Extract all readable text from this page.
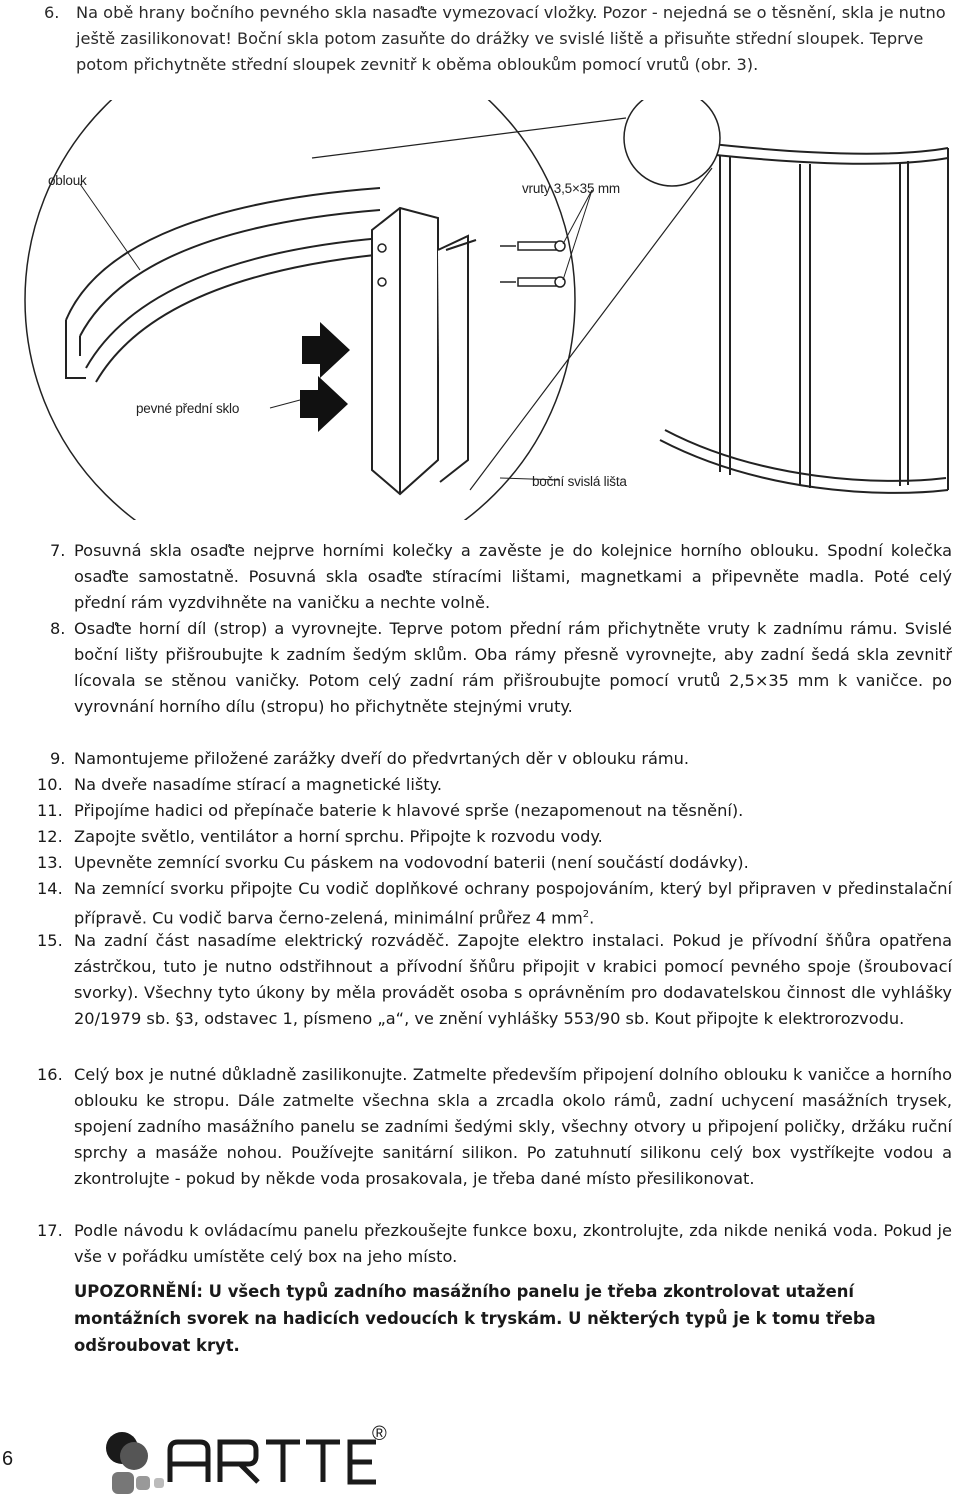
6. Na obě hrany bočního pevného skla nasaďte vymezovací vložky. Pozor - nejedná se o těsnění, skla je nutno ještě zasilikonovat! Boční skla potom zasuňte do drážky ve svislé liště a přisuňte střední sloupek. Teprve potom přichytněte střední sloupek zevnitř k oběma obloukům pomocí vrutů (obr. 3).
oblouk
vruty 3,5×35 mm
pevné přední sklo
boční svislá lišta
7. Posuvná skla osaďte nejprve horními kolečky a zavěste je do kolejnice horního oblouku. Spodní kolečka osaďte samostatně. Posuvná skla osaďte stíracími lištami, magnetkami a připevněte madla. Poté celý přední rám vyzdvihněte na vaničku a nechte volně.
8. Osaďte horní díl (strop) a vyrovnejte. Teprve potom přední rám přichytněte vruty k zadnímu rámu. Svislé boční lišty přišroubujte k zadním šedým sklům. Oba rámy přesně vyrovnejte, aby zadní šedá skla zevnitř lícovala se stěnou vaničky. Potom celý zadní rám přišroubujte pomocí vrutů 2,5×35 mm k vaničce. po vyrovnání horního dílu (stropu) ho přichytněte stejnými vruty.
9. Namontujeme přiložené zarážky dveří do předvrtaných děr v oblouku rámu.
10. Na dveře nasadíme stírací a magnetické lišty.
11. Připojíme hadici od přepínače baterie k hlavové sprše (nezapomenout na těsnění).
12. Zapojte světlo, ventilátor a horní sprchu. Připojte k rozvodu vody.
13. Upevněte zemnící svorku Cu páskem na vodovodní baterii (není součástí dodávky).
14. Na zemnící svorku připojte Cu vodič doplňkové ochrany pospojováním, který byl připraven v předinstalační přípravě. Cu vodič barva černo-zelená, minimální průřez 4 $mm^2$.
15. Na zadní část nasadíme elektrický rozváděč. Zapojte elektro instalaci. Pokud je přívodní šňůra opatřena zástrčkou, tuto je nutno odstřihnout a přívodní šňůru připojit v krabici pomocí pevného spoje (šroubovací svorky). Všechny tyto úkony by měla provádět osoba s oprávněním pro dodavatelskou činnost dle vyhlášky 20/1979 sb. §3, odstavec 1, písmeno „a“, ve znění vyhlášky 553/90 sb. Kout připojte k elektrorozvodu.
16. Celý box je nutné důkladně zasilikonujte. Zatmelte především připojení dolního oblouku k vaničce a horního oblouku ke stropu. Dále zatmelte všechna skla a zrcadla okolo rámů, zadní uchycení masážních trysek, spojení zadního masážního panelu se zadními šedými skly, všechny otvory u připojení poličky, držáku ruční sprchy a masáže nohou. Používejte sanitární silikon. Po zatuhnutí silikonu celý box vystříkejte vodou a zkontrolujte - pokud by někde voda prosakovala, je třeba dané místo přesilikonovat.
17. Podle návodu k ovládacímu panelu přezkoušejte funkce boxu, zkontrolujte, zda nikde neniká voda. Pokud je vše v pořádku umístěte celý box na jeho místo.
UPOZORNĚNÍ: U všech typů zadního masážního panelu je třeba zkontrolovat utažení montážních svorek na hadicích vedoucích k tryskám. U některých typů je k tomu třeba odšroubovat kryt.
6
®
